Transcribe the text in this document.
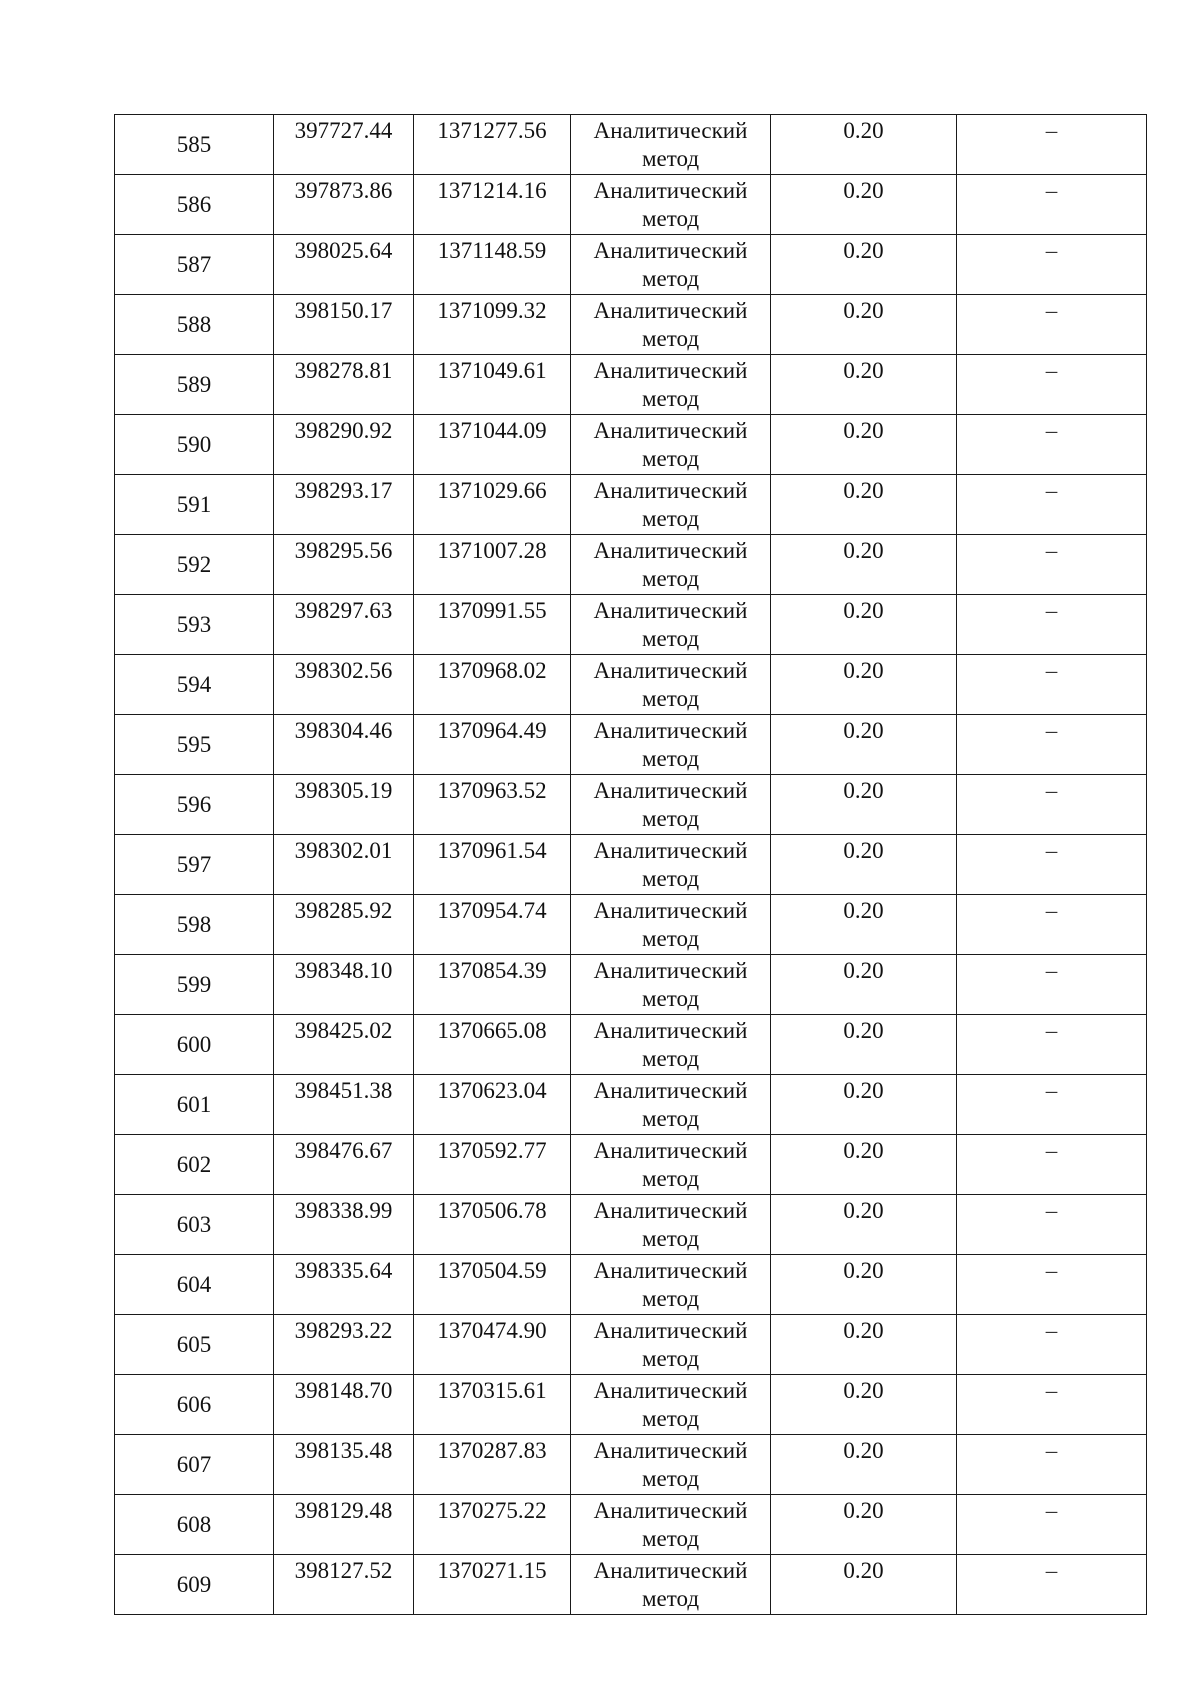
585	397727.44	1371277.56	Аналитический
метод	0.20	–
586	397873.86	1371214.16	Аналитический
метод	0.20	–
587	398025.64	1371148.59	Аналитический
метод	0.20	–
588	398150.17	1371099.32	Аналитический
метод	0.20	–
589	398278.81	1371049.61	Аналитический
метод	0.20	–
590	398290.92	1371044.09	Аналитический
метод	0.20	–
591	398293.17	1371029.66	Аналитический
метод	0.20	–
592	398295.56	1371007.28	Аналитический
метод	0.20	–
593	398297.63	1370991.55	Аналитический
метод	0.20	–
594	398302.56	1370968.02	Аналитический
метод	0.20	–
595	398304.46	1370964.49	Аналитический
метод	0.20	–
596	398305.19	1370963.52	Аналитический
метод	0.20	–
597	398302.01	1370961.54	Аналитический
метод	0.20	–
598	398285.92	1370954.74	Аналитический
метод	0.20	–
599	398348.10	1370854.39	Аналитический
метод	0.20	–
600	398425.02	1370665.08	Аналитический
метод	0.20	–
601	398451.38	1370623.04	Аналитический
метод	0.20	–
602	398476.67	1370592.77	Аналитический
метод	0.20	–
603	398338.99	1370506.78	Аналитический
метод	0.20	–
604	398335.64	1370504.59	Аналитический
метод	0.20	–
605	398293.22	1370474.90	Аналитический
метод	0.20	–
606	398148.70	1370315.61	Аналитический
метод	0.20	–
607	398135.48	1370287.83	Аналитический
метод	0.20	–
608	398129.48	1370275.22	Аналитический
метод	0.20	–
609	398127.52	1370271.15	Аналитический
метод	0.20	–
